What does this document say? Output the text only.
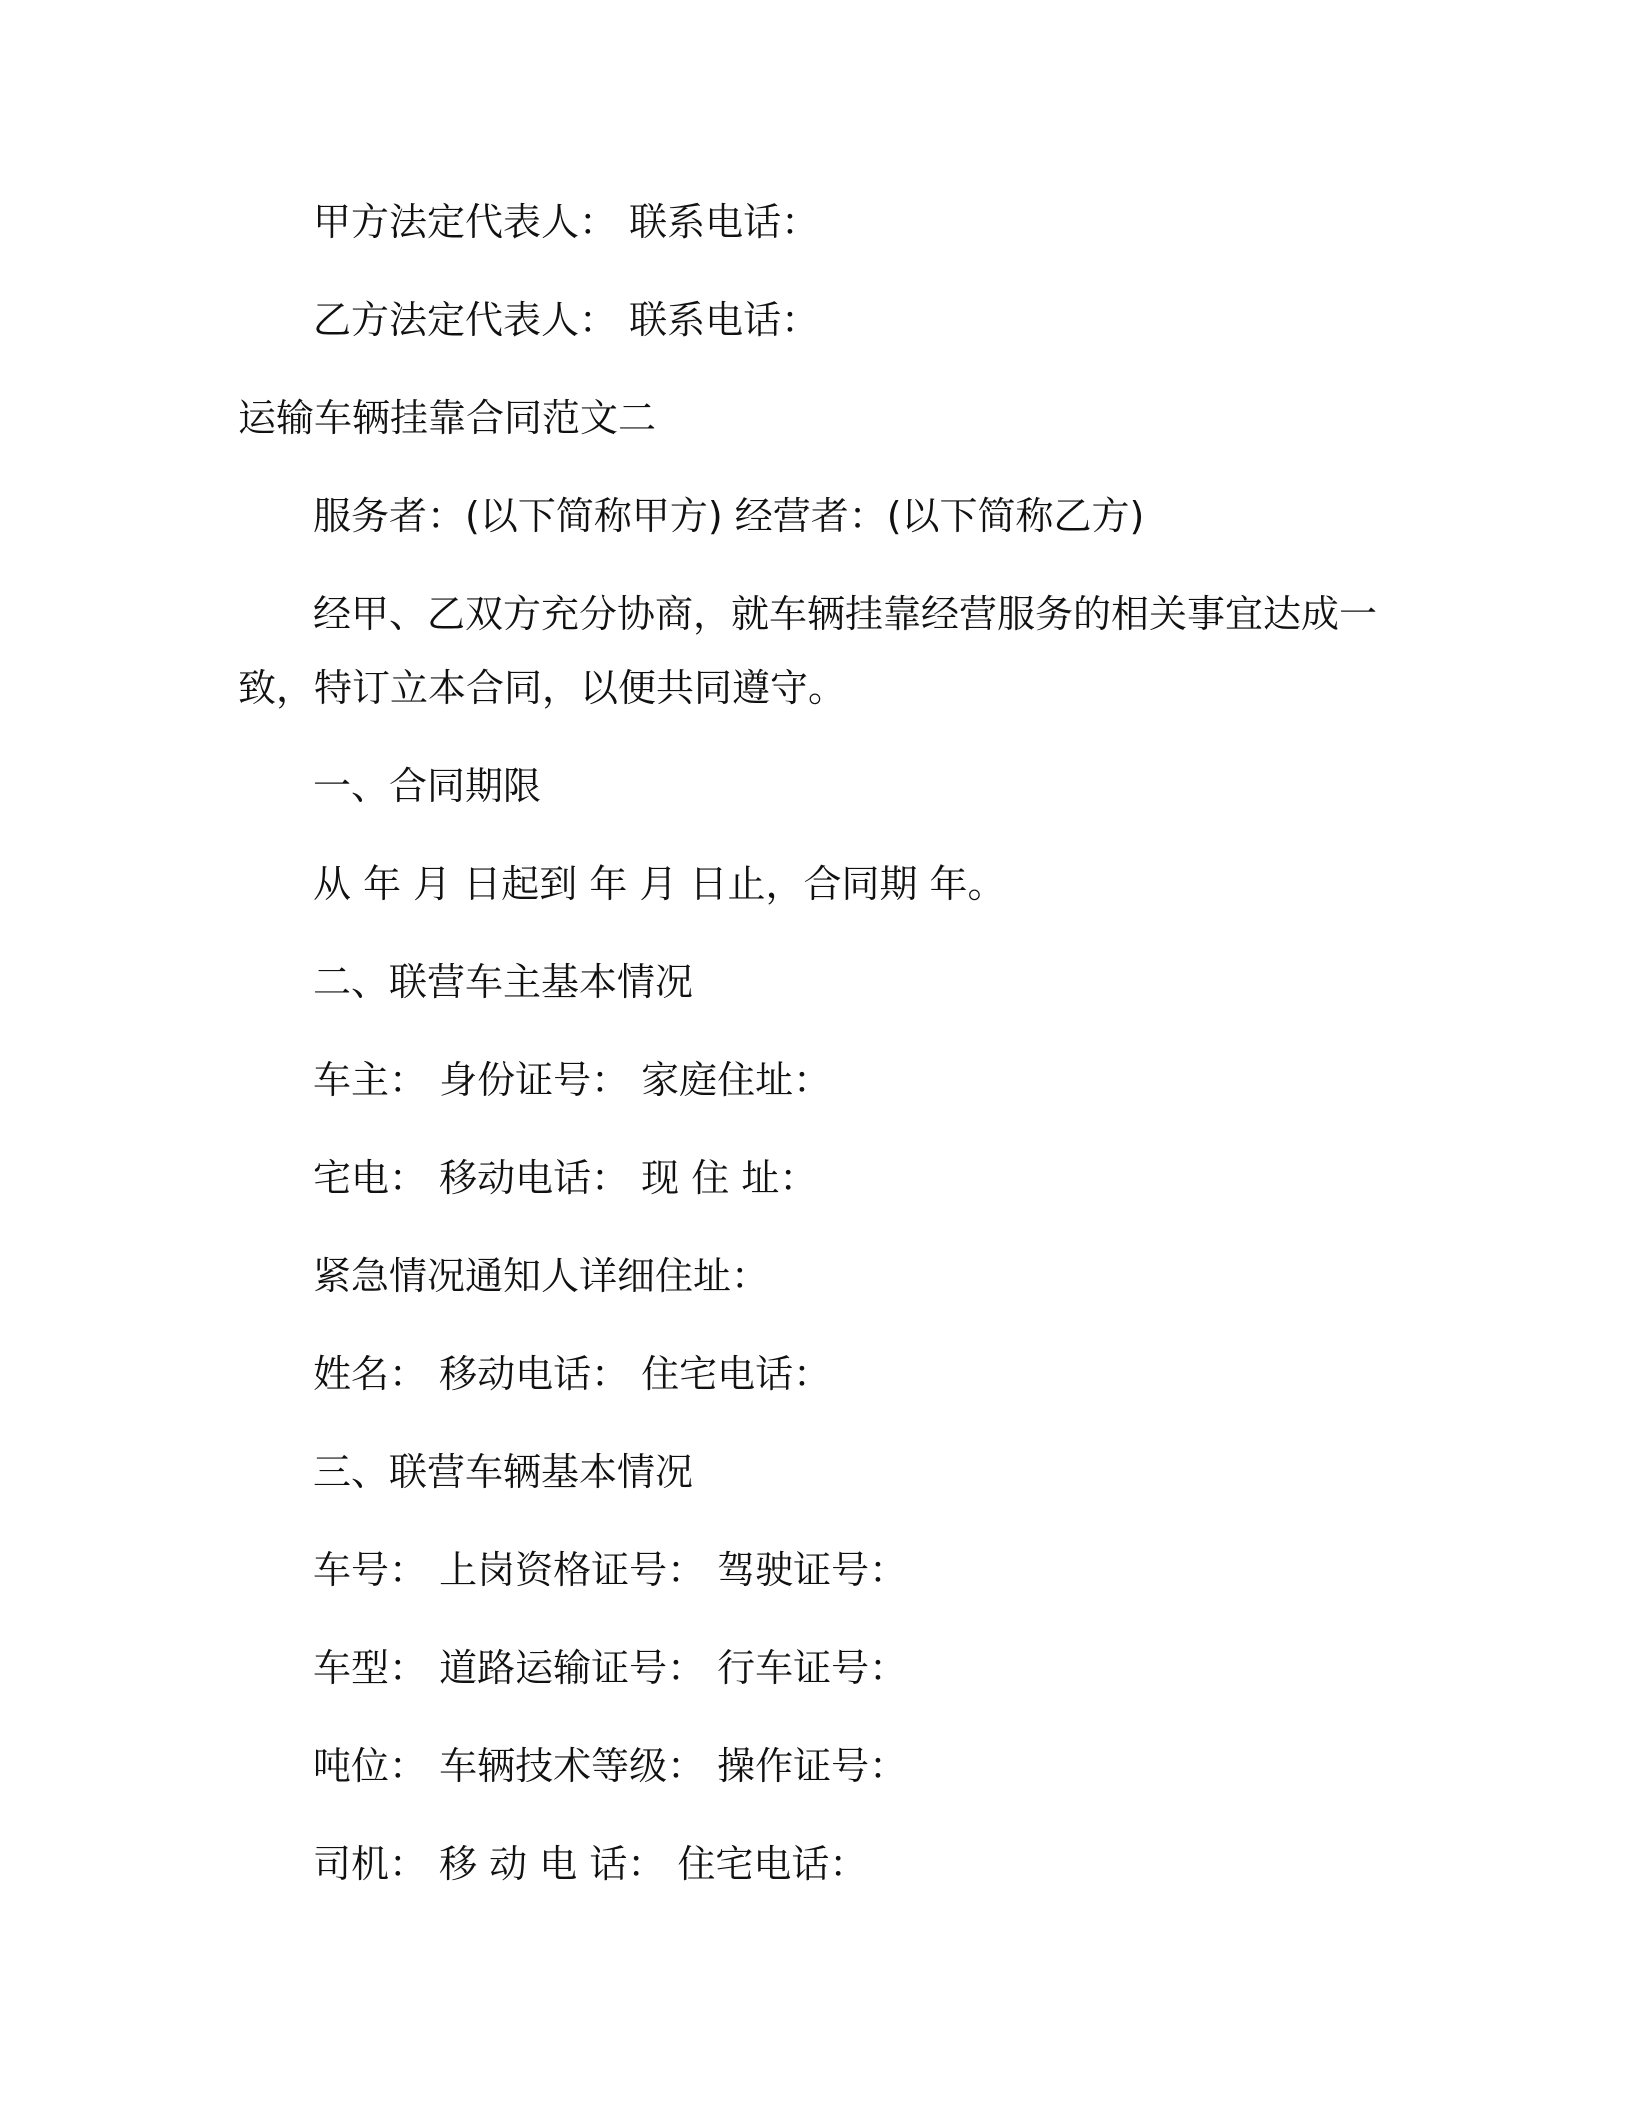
甲方法定代表人： 联系电话：
乙方法定代表人： 联系电话：
运输车辆挂靠合同范文二
服务者：(以下简称甲方) 经营者：(以下简称乙方)
经甲、乙双方充分协商，就车辆挂靠经营服务的相关事宜达成一
致，特订立本合同，以便共同遵守。
一、合同期限
从 年 月 日起到 年 月 日止，合同期 年。
二、联营车主基本情况
车主： 身份证号： 家庭住址：
宅电： 移动电话： 现 住 址：
紧急情况通知人详细住址：
姓名： 移动电话： 住宅电话：
三、联营车辆基本情况
车号： 上岗资格证号： 驾驶证号：
车型： 道路运输证号： 行车证号：
吨位： 车辆技术等级： 操作证号：
司机： 移 动 电 话： 住宅电话：
